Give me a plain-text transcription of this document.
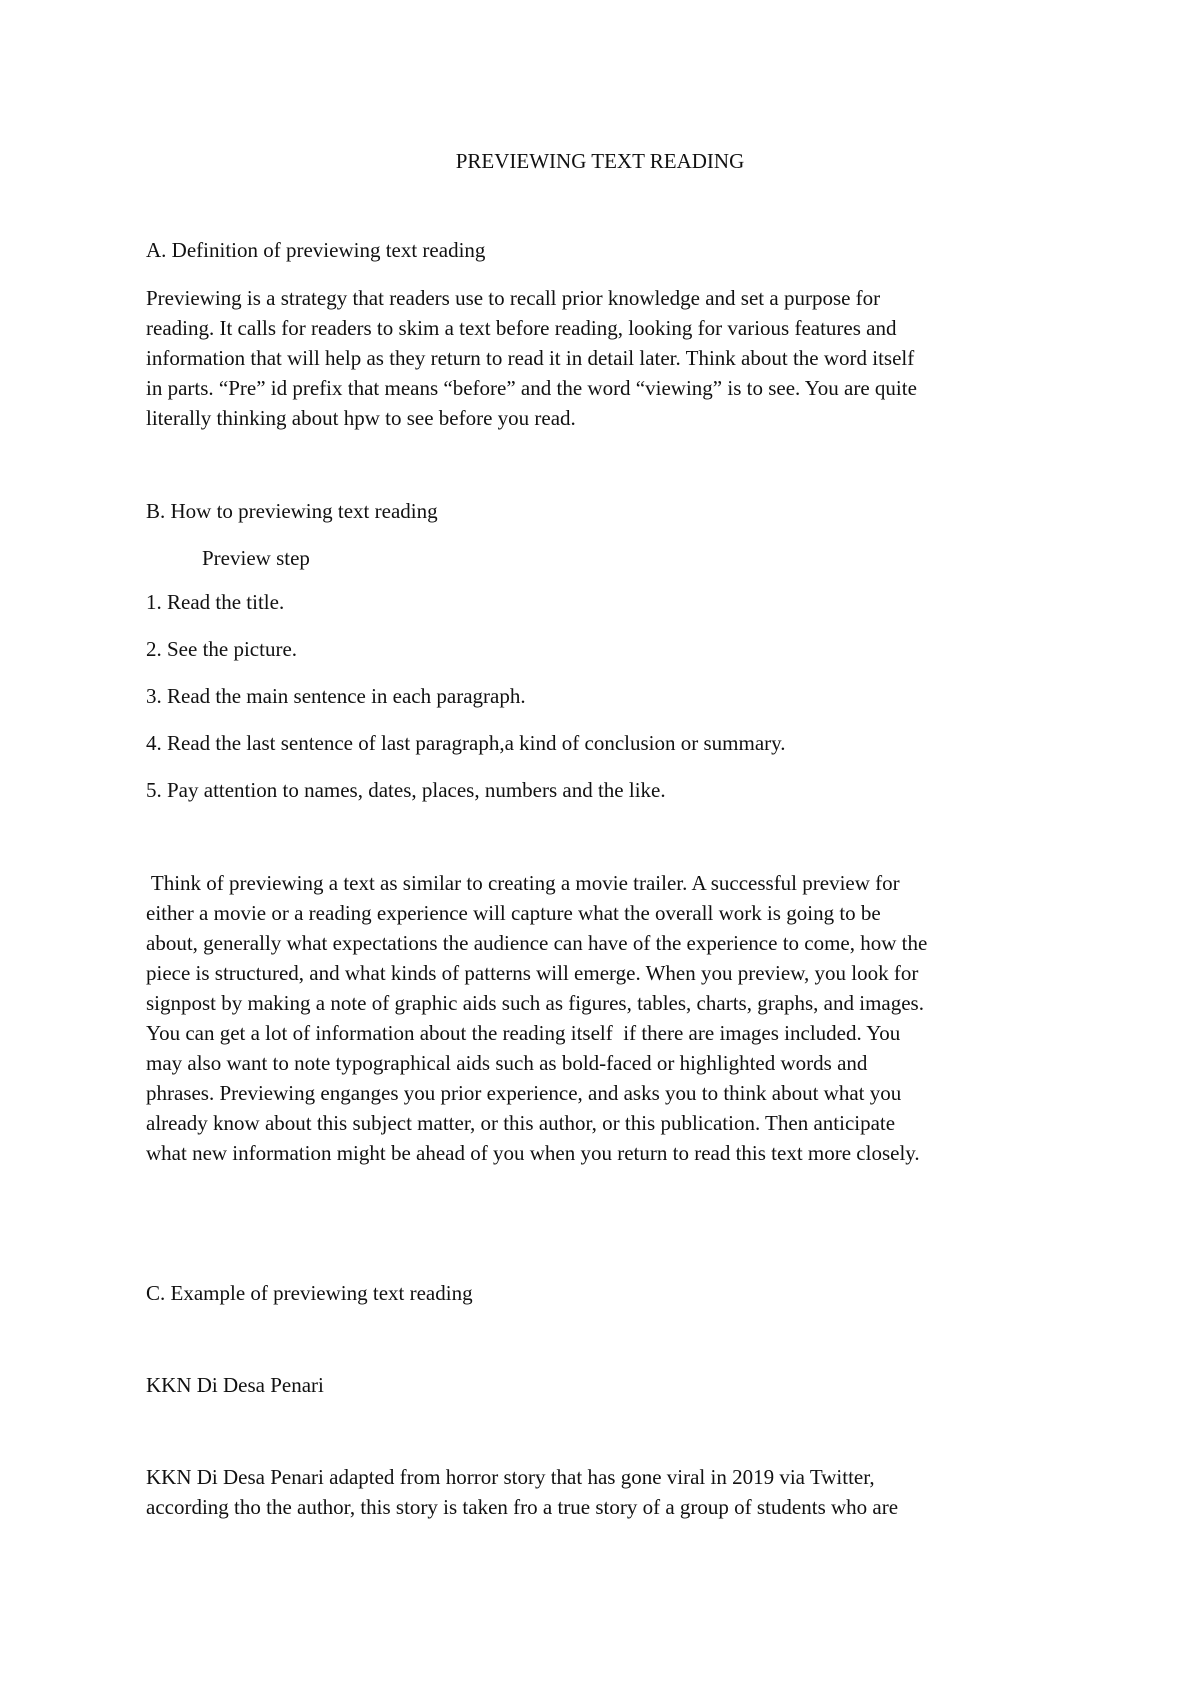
PREVIEWING TEXT READING

A. Definition of previewing text reading

Previewing is a strategy that readers use to recall prior knowledge and set a purpose for
reading. It calls for readers to skim a text before reading, looking for various features and
information that will help as they return to read it in detail later. Think about the word itself
in parts. “Pre” id prefix that means “before” and the word “viewing” is to see. You are quite
literally thinking about hpw to see before you read.

B. How to previewing text reading

Preview step

1. Read the title.

2. See the picture.

3. Read the main sentence in each paragraph.

4. Read the last sentence of last paragraph,a kind of conclusion or summary.

5. Pay attention to names, dates, places, numbers and the like.

Think of previewing a text as similar to creating a movie trailer. A successful preview for
either a movie or a reading experience will capture what the overall work is going to be
about, generally what expectations the audience can have of the experience to come, how the
piece is structured, and what kinds of patterns will emerge. When you preview, you look for
signpost by making a note of graphic aids such as figures, tables, charts, graphs, and images.
You can get a lot of information about the reading itself  if there are images included. You
may also want to note typographical aids such as bold-faced or highlighted words and
phrases. Previewing enganges you prior experience, and asks you to think about what you
already know about this subject matter, or this author, or this publication. Then anticipate
what new information might be ahead of you when you return to read this text more closely.

C. Example of previewing text reading

KKN Di Desa Penari

KKN Di Desa Penari adapted from horror story that has gone viral in 2019 via Twitter,
according tho the author, this story is taken fro a true story of a group of students who are
